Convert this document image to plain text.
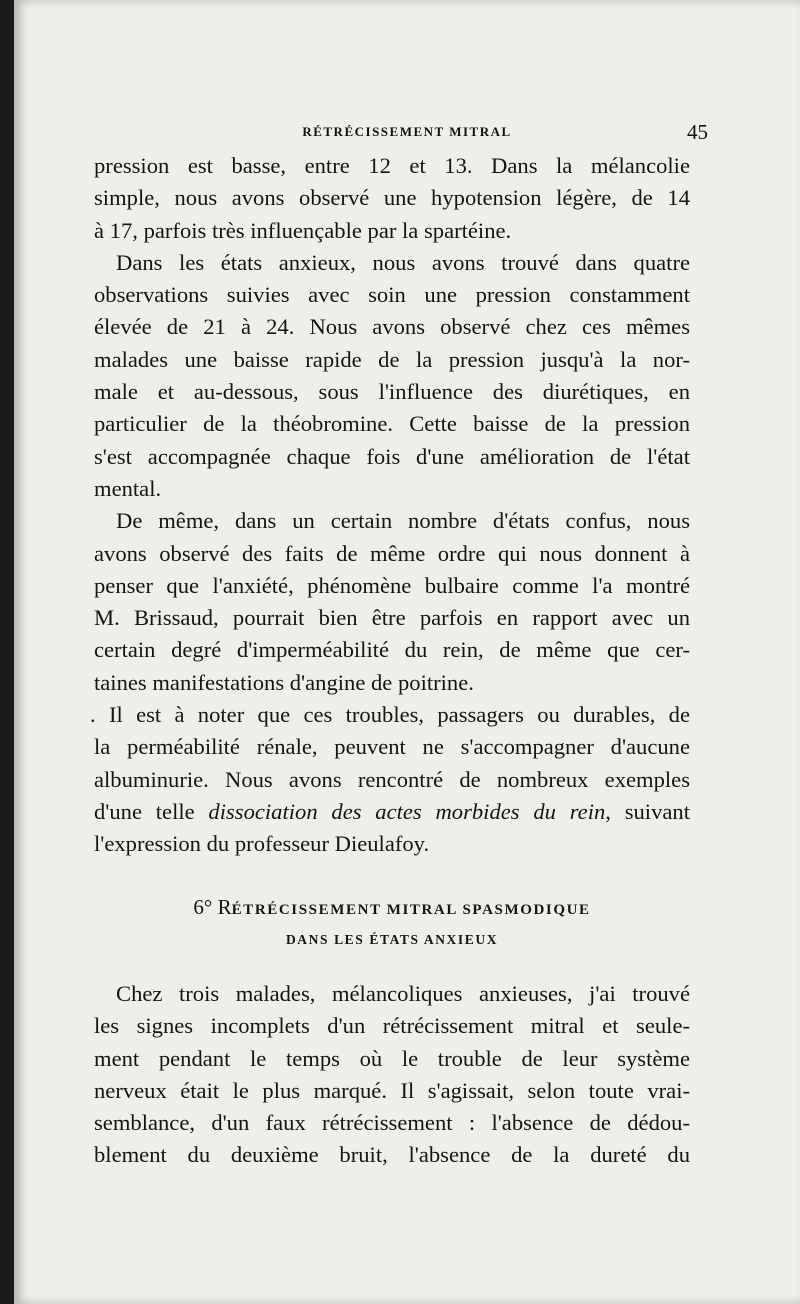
RÉTRÉCISSEMENT MITRAL	45
pression est basse, entre 12 et 13. Dans la mélancolie
simple, nous avons observé une hypotension légère, de 14
à 17, parfois très influençable par la spartéine.
Dans les états anxieux, nous avons trouvé dans quatre
observations suivies avec soin une pression constamment
élevée de 21 à 24. Nous avons observé chez ces mêmes
malades une baisse rapide de la pression jusqu'à la nor-
male et au-dessous, sous l'influence des diurétiques, en
particulier de la théobromine. Cette baisse de la pression
s'est accompagnée chaque fois d'une amélioration de l'état
mental.
De même, dans un certain nombre d'états confus, nous
avons observé des faits de même ordre qui nous donnent à
penser que l'anxiété, phénomène bulbaire comme l'a montré
M. Brissaud, pourrait bien être parfois en rapport avec un
certain degré d'imperméabilité du rein, de même que cer-
taines manifestations d'angine de poitrine.
. Il est à noter que ces troubles, passagers ou durables, de
la perméabilité rénale, peuvent ne s'accompagner d'aucune
albuminurie. Nous avons rencontré de nombreux exemples
d'une telle dissociation des actes morbides du rein, suivant
l'expression du professeur Dieulafoy.
6° RÉTRÉCISSEMENT MITRAL SPASMODIQUE
DANS LES ÉTATS ANXIEUX
Chez trois malades, mélancoliques anxieuses, j'ai trouvé
les signes incomplets d'un rétrécissement mitral et seule-
ment pendant le temps où le trouble de leur système
nerveux était le plus marqué. Il s'agissait, selon toute vrai-
semblance, d'un faux rétrécissement : l'absence de dédou-
blement du deuxième bruit, l'absence de la dureté du
